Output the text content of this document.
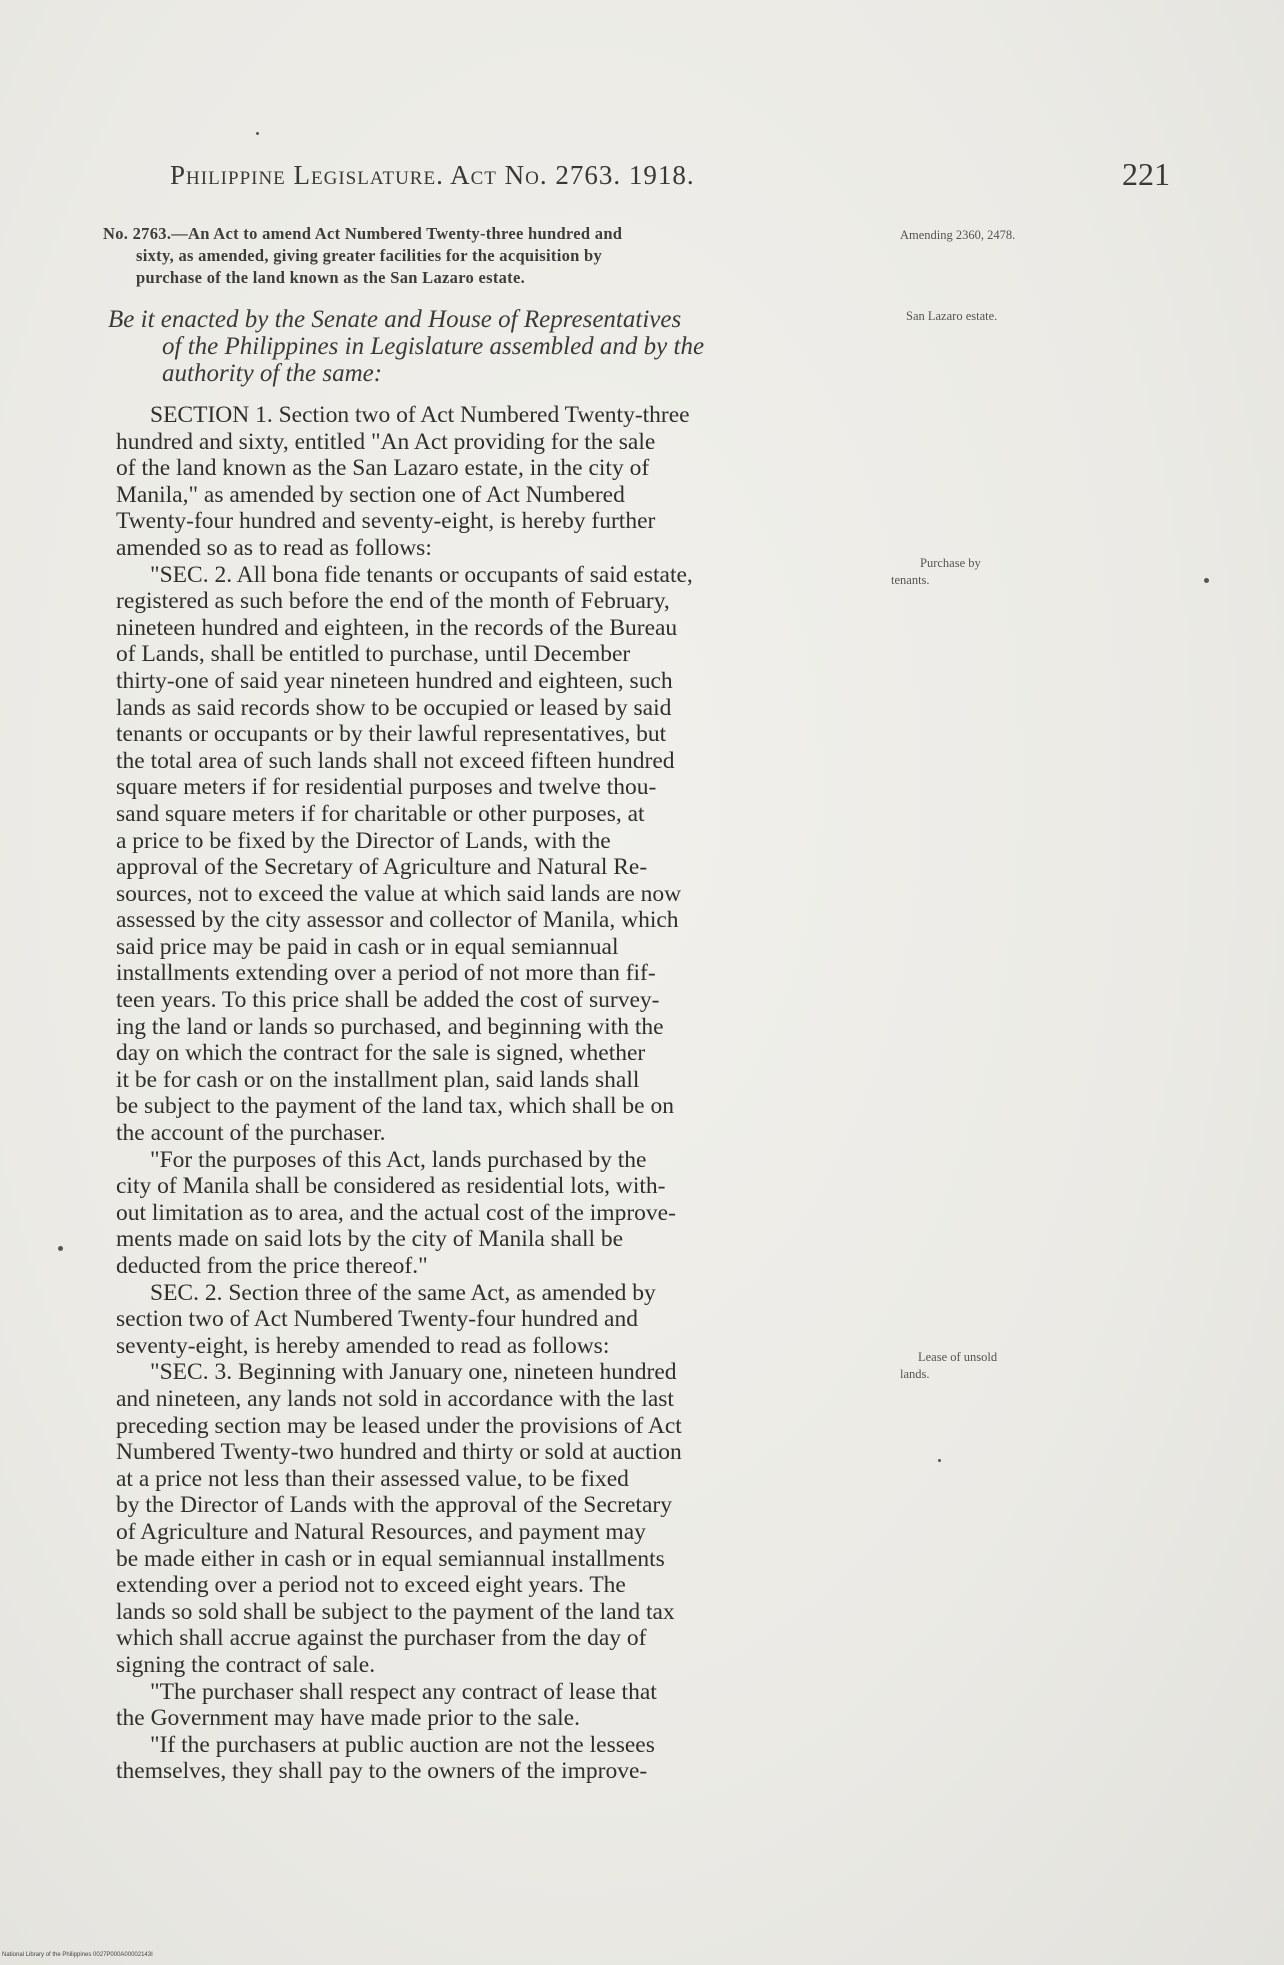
Philippine Legislature. Act No. 2763. 1918.	221
No. 2763.—An Act to amend Act Numbered Twenty-three hundred and
sixty, as amended, giving greater facilities for the acquisition by
purchase of the land known as the San Lazaro estate.
Be it enacted by the Senate and House of Representatives
of the Philippines in Legislature assembled and by the
authority of the same:
Amending 2360, 2478.
San Lazaro estate.
Purchase by
tenants.
Lease of unsold
lands.
SECTION 1. Section two of Act Numbered Twenty-three
hundred and sixty, entitled "An Act providing for the sale
of the land known as the San Lazaro estate, in the city of
Manila," as amended by section one of Act Numbered
Twenty-four hundred and seventy-eight, is hereby further
amended so as to read as follows:
"SEC. 2. All bona fide tenants or occupants of said estate,
registered as such before the end of the month of February,
nineteen hundred and eighteen, in the records of the Bureau
of Lands, shall be entitled to purchase, until December
thirty-one of said year nineteen hundred and eighteen, such
lands as said records show to be occupied or leased by said
tenants or occupants or by their lawful representatives, but
the total area of such lands shall not exceed fifteen hundred
square meters if for residential purposes and twelve thou-
sand square meters if for charitable or other purposes, at
a price to be fixed by the Director of Lands, with the
approval of the Secretary of Agriculture and Natural Re-
sources, not to exceed the value at which said lands are now
assessed by the city assessor and collector of Manila, which
said price may be paid in cash or in equal semiannual
installments extending over a period of not more than fif-
teen years. To this price shall be added the cost of survey-
ing the land or lands so purchased, and beginning with the
day on which the contract for the sale is signed, whether
it be for cash or on the installment plan, said lands shall
be subject to the payment of the land tax, which shall be on
the account of the purchaser.
"For the purposes of this Act, lands purchased by the
city of Manila shall be considered as residential lots, with-
out limitation as to area, and the actual cost of the improve-
ments made on said lots by the city of Manila shall be
deducted from the price thereof."
SEC. 2. Section three of the same Act, as amended by
section two of Act Numbered Twenty-four hundred and
seventy-eight, is hereby amended to read as follows:
"SEC. 3. Beginning with January one, nineteen hundred
and nineteen, any lands not sold in accordance with the last
preceding section may be leased under the provisions of Act
Numbered Twenty-two hundred and thirty or sold at auction
at a price not less than their assessed value, to be fixed
by the Director of Lands with the approval of the Secretary
of Agriculture and Natural Resources, and payment may
be made either in cash or in equal semiannual installments
extending over a period not to exceed eight years. The
lands so sold shall be subject to the payment of the land tax
which shall accrue against the purchaser from the day of
signing the contract of sale.
"The purchaser shall respect any contract of lease that
the Government may have made prior to the sale.
"If the purchasers at public auction are not the lessees
themselves, they shall pay to the owners of the improve-
National Library of the Philippines 0027P000A00002143I
